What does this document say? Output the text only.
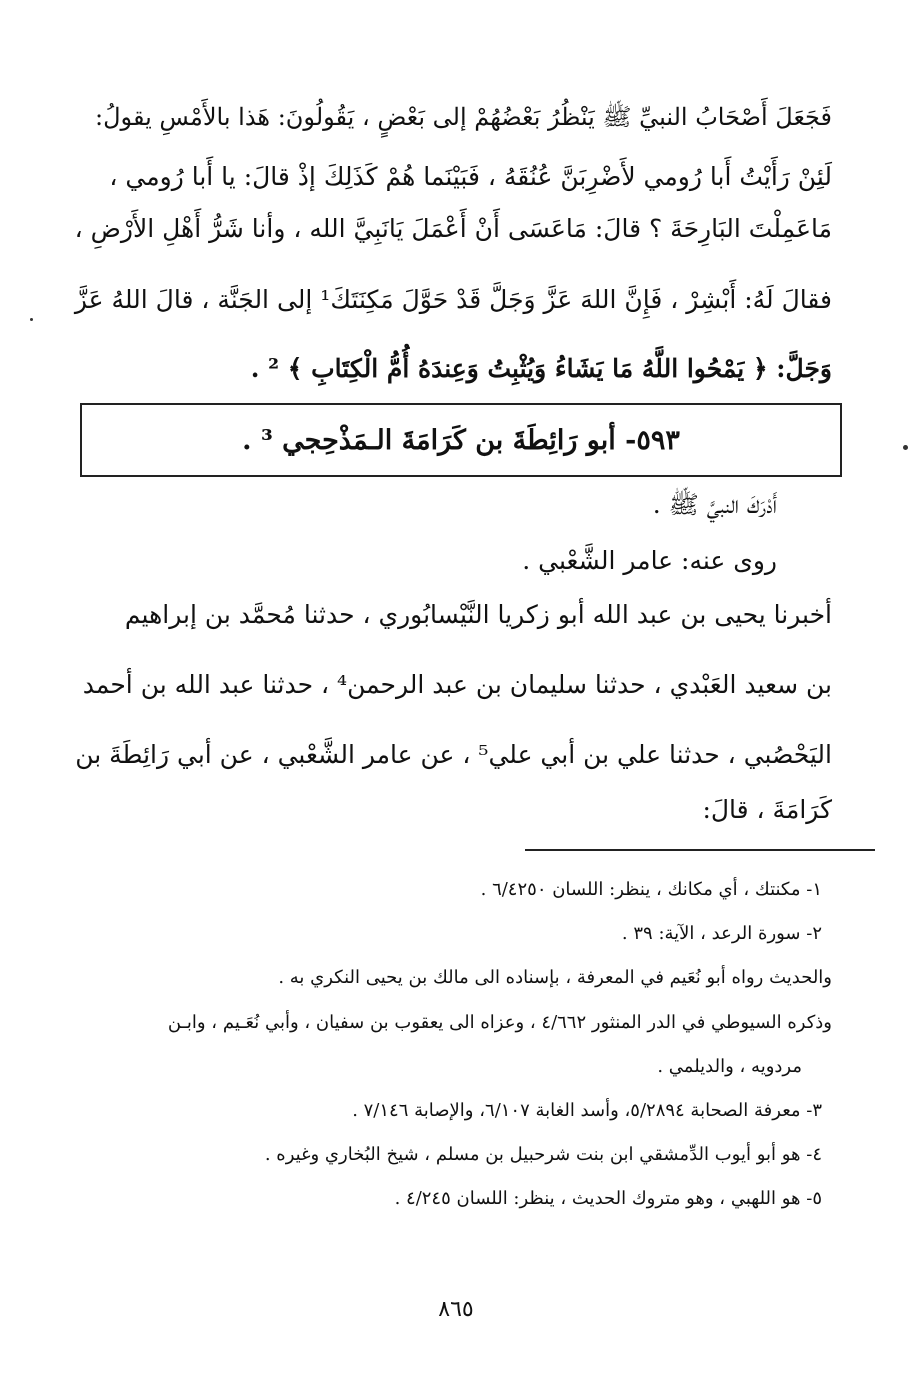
فَجَعَلَ أَصْحَابُ النبيِّ ﷺ يَنْظُرُ بَعْضُهُمْ إلى بَعْضٍ ، يَقُولُونَ: هَذا بالأَمْسِ يقولُ:
لَئِنْ رَأَيْتُ أَبا رُومي لأَضْرِبَنَّ عُنُقَهُ ، فَبَيْنَما هُمْ كَذَلِكَ إذْ قالَ: يا أَبا رُومي ،
مَاعَمِلْتَ البَارِحَةَ ؟ قالَ: مَاعَسَى أَنْ أَعْمَلَ يَانَبِيَّ الله ، وأنا شَرُّ أَهْلِ الأَرْضِ ،
فقالَ لَهُ: أَبْشِرْ ، فَإِنَّ اللهَ عَزَّ وَجَلَّ قَدْ حَوَّلَ مَكِنَتَكَ¹ إلى الجَنَّة ، قالَ اللهُ عَزَّ
وَجَلَّ: ﴿ يَمْحُوا اللَّهُ مَا يَشَاءُ وَيُثْبِتُ وَعِندَهُ أُمُّ الْكِتَابِ ﴾ ² .
٥٩٣- أبو رَائِطَةَ بن كَرَامَةَ الـمَذْحِجي ³ .
أَدْرَكَ النبيَّ ﷺ .
روى عنه: عامر الشَّعْبي .
أخبرنا يحيى بن عبد الله أبو زكريا النَّيْسابُوري ، حدثنا مُحمَّد بن إبراهيم
بن سعيد العَبْدي ، حدثنا سليمان بن عبد الرحمن⁴ ، حدثنا عبد الله بن أحمد
اليَحْصُبي ، حدثنا علي بن أبي علي⁵ ، عن عامر الشَّعْبي ، عن أبي رَائِطَةَ بن
كَرَامَةَ ، قالَ:
١- مكنتك ، أي مكانك ، ينظر: اللسان ٦/٤٢٥٠ .
٢- سورة الرعد ، الآية: ٣٩ .
والحديث رواه أبو نُعَيم في المعرفة ، بإسناده الى مالك بن يحيى النكري به .
وذكره السيوطي في الدر المنثور ٤/٦٦٢ ، وعزاه الى يعقوب بن سفيان ، وأبي نُعَـيم ، وابـن
مردويه ، والديلمي .
٣- معرفة الصحابة ٥/٢٨٩٤، وأسد الغابة ٦/١٠٧، والإصابة ٧/١٤٦ .
٤- هو أبو أيوب الدِّمشقي ابن بنت شرحبيل بن مسلم ، شيخ البُخاري وغيره .
٥- هو اللهبي ، وهو متروك الحديث ، ينظر: اللسان ٤/٢٤٥ .
٨٦٥
